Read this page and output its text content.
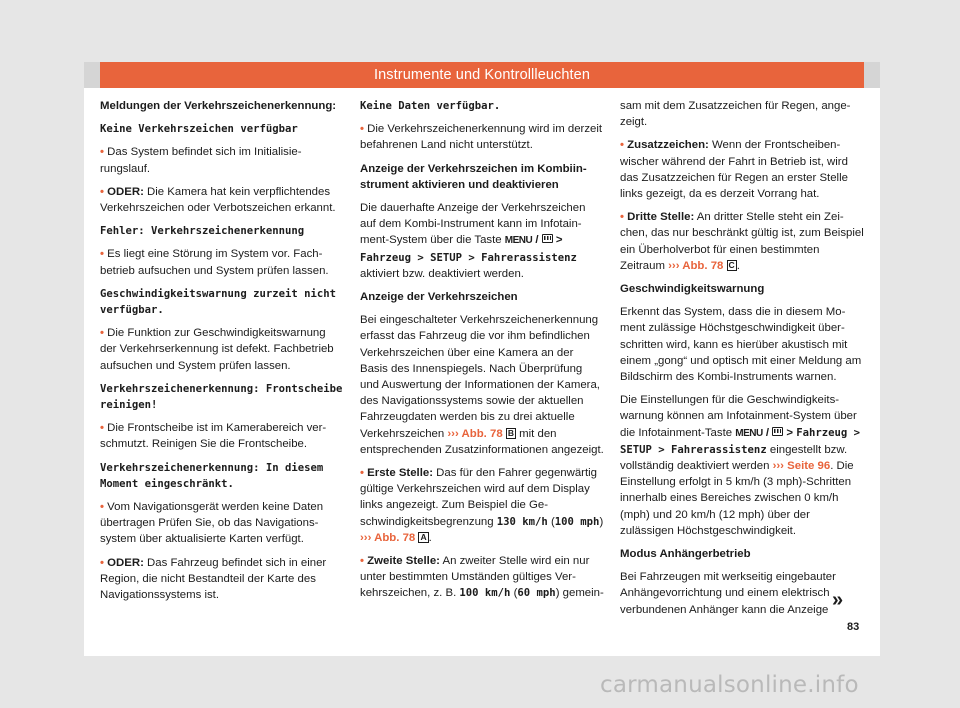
Instrumente und Kontrollleuchten

Meldungen der Verkehrszeichenerkennung:

Keine Verkehrszeichen verfügbar

• Das System befindet sich im Initialisierungslauf.

• ODER: Die Kamera hat kein verpflichtendes Verkehrszeichen oder Verbotszeichen erkannt.

Fehler: Verkehrszeichenerkennung

• Es liegt eine Störung im System vor. Fachbetrieb aufsuchen und System prüfen lassen.

Geschwindigkeitswarnung zurzeit nicht verfügbar.

• Die Funktion zur Geschwindigkeitswarnung der Verkehrserkennung ist defekt. Fachbetrieb aufsuchen und System prüfen lassen.

Verkehrszeichenerkennung: Frontscheibe reinigen!

• Die Frontscheibe ist im Kamerabereich verschmutzt. Reinigen Sie die Frontscheibe.

Verkehrszeichenerkennung: In diesem Moment eingeschränkt.

• Vom Navigationsgerät werden keine Daten übertragen Prüfen Sie, ob das Navigationssystem über aktualisierte Karten verfügt.

• ODER: Das Fahrzeug befindet sich in einer Region, die nicht Bestandteil der Karte des Navigationssystems ist.

Keine Daten verfügbar.

• Die Verkehrszeichenerkennung wird im derzeit befahrenen Land nicht unterstützt.

Anzeige der Verkehrszeichen im Kombiinstrument aktivieren und deaktivieren

Die dauerhafte Anzeige der Verkehrszeichen auf dem Kombi-Instrument kann im Infotainment-System über die Taste MENU /  > Fahrzeug > SETUP > Fahrerassistenz aktiviert bzw. deaktiviert werden.

Anzeige der Verkehrszeichen

Bei eingeschalteter Verkehrszeichenerkennung erfasst das Fahrzeug die vor ihm befindlichen Verkehrszeichen über eine Kamera an der Basis des Innenspiegels. Nach Überprüfung und Auswertung der Informationen der Kamera, des Navigationssystems sowie der aktuellen Fahrzeugdaten werden bis zu drei aktuelle Verkehrszeichen ››› Abb. 78 B mit den entsprechenden Zusatzinformationen angezeigt.

• Erste Stelle: Das für den Fahrer gegenwärtig gültige Verkehrszeichen wird auf dem Display links angezeigt. Zum Beispiel die Geschwindigkeitsbegrenzung 130 km/h (100 mph) ››› Abb. 78 A .

• Zweite Stelle: An zweiter Stelle wird ein nur unter bestimmten Umständen gültiges Verkehrszeichen, z. B. 100 km/h (60 mph) gemein-

sam mit dem Zusatzzeichen für Regen, angezeigt.

• Zusatzzeichen: Wenn der Frontscheibenwischer während der Fahrt in Betrieb ist, wird das Zusatzzeichen für Regen an erster Stelle links gezeigt, da es derzeit Vorrang hat.

• Dritte Stelle: An dritter Stelle steht ein Zeichen, das nur beschränkt gültig ist, zum Beispiel ein Überholverbot für einen bestimmten Zeitraum ››› Abb. 78 C .

Geschwindigkeitswarnung

Erkennt das System, dass die in diesem Moment zulässige Höchstgeschwindigkeit überschritten wird, kann es hierüber akustisch mit einem „gong“ und optisch mit einer Meldung am Bildschirm des Kombi-Instruments warnen.

Die Einstellungen für die Geschwindigkeitswarnung können am Infotainment-System über die Infotainment-Taste MENU /  > Fahrzeug > SETUP > Fahrerassistenz eingestellt bzw. vollständig deaktiviert werden ››› Seite 96. Die Einstellung erfolgt in 5 km/h (3 mph)-Schritten innerhalb eines Bereiches zwischen 0 km/h (mph) und 20 km/h (12 mph) über der zulässigen Höchstgeschwindigkeit.

Modus Anhängerbetrieb

Bei Fahrzeugen mit werkseitig eingebauter Anhängevorrichtung und einem elektrisch verbundenen Anhänger kann die Anzeige »
83
carmanualsonline.info
